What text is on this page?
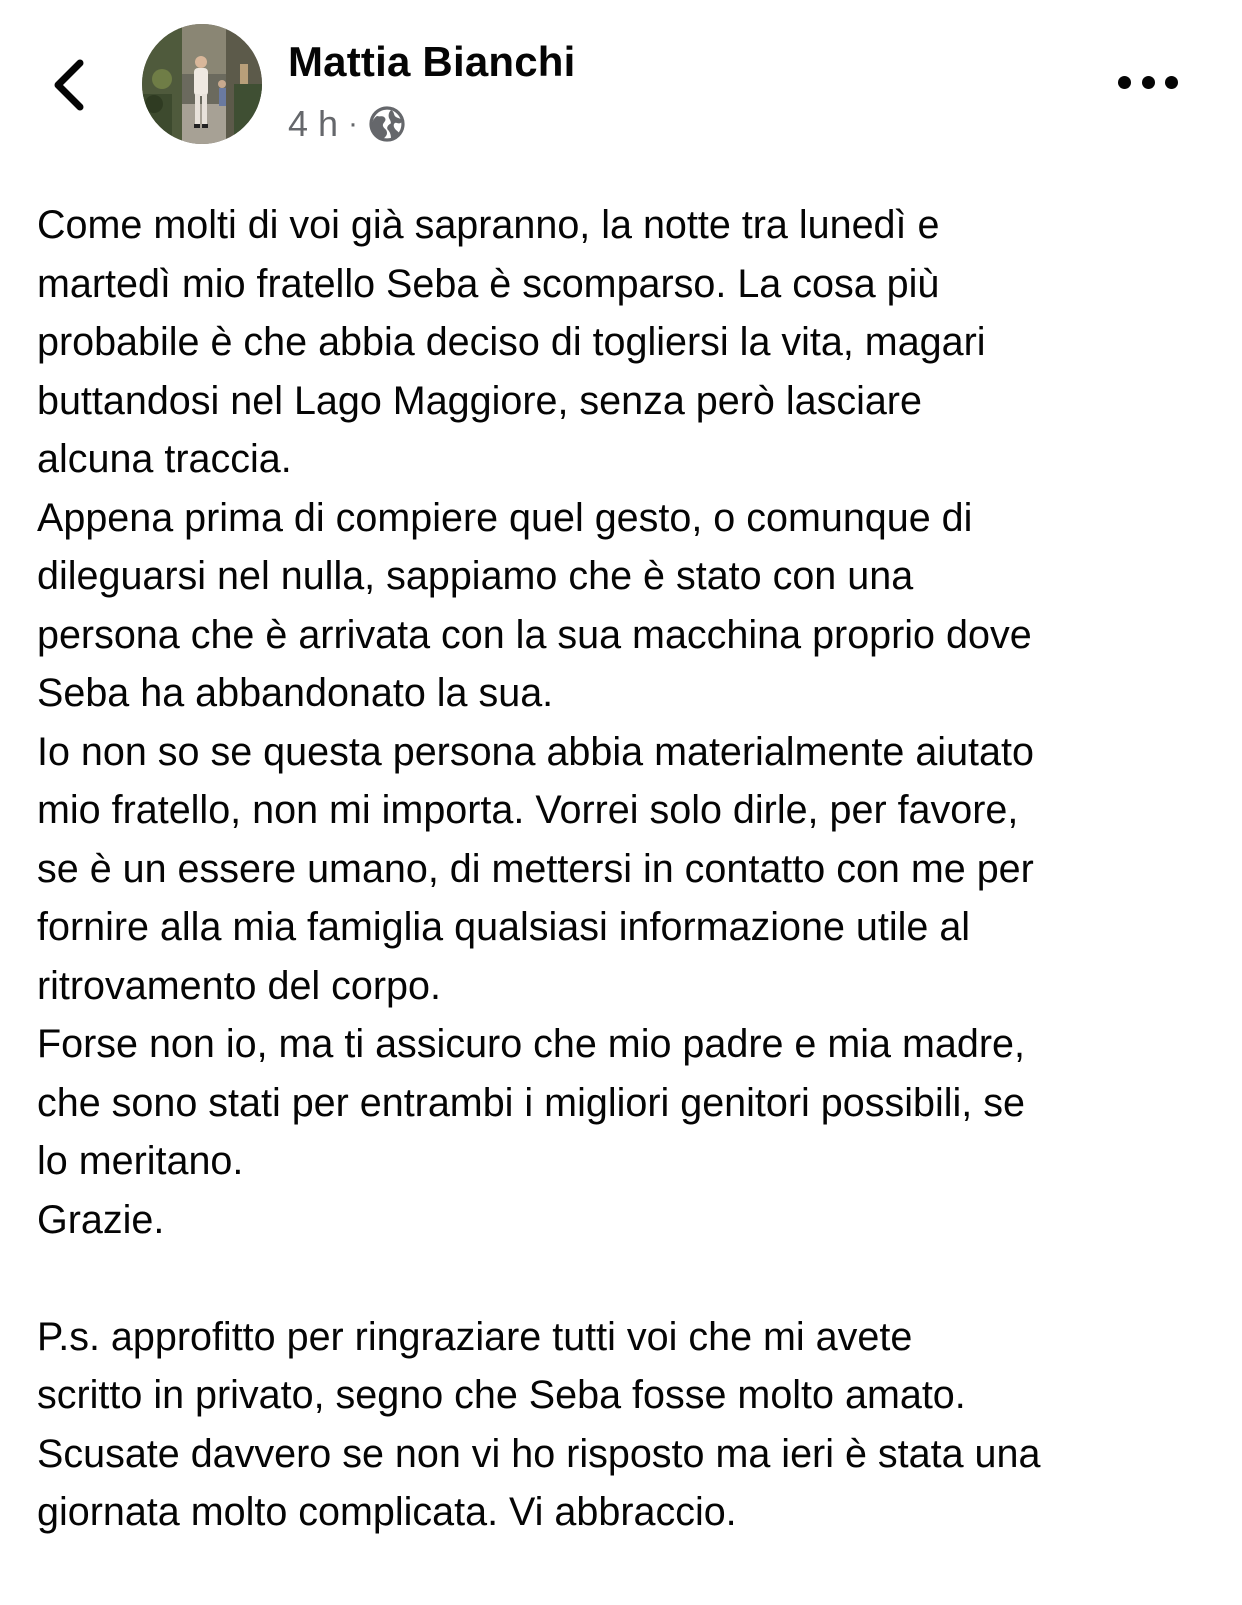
Mattia Bianchi
4 h ·

Come molti di voi già sapranno, la notte tra lunedì e

martedì mio fratello Seba è scomparso. La cosa più

probabile è che abbia deciso di togliersi la vita, magari

buttandosi nel Lago Maggiore, senza però lasciare

alcuna traccia.

Appena prima di compiere quel gesto, o comunque di

dileguarsi nel nulla, sappiamo che è stato con una

persona che è arrivata con la sua macchina proprio dove

Seba ha abbandonato la sua.

Io non so se questa persona abbia materialmente aiutato

mio fratello, non mi importa. Vorrei solo dirle, per favore,

se è un essere umano, di mettersi in contatto con me per

fornire alla mia famiglia qualsiasi informazione utile al

ritrovamento del corpo.

Forse non io, ma ti assicuro che mio padre e mia madre,

che sono stati per entrambi i migliori genitori possibili, se

lo meritano.

Grazie.

P.s. approfitto per ringraziare tutti voi che mi avete

scritto in privato, segno che Seba fosse molto amato.

Scusate davvero se non vi ho risposto ma ieri è stata una

giornata molto complicata. Vi abbraccio.
